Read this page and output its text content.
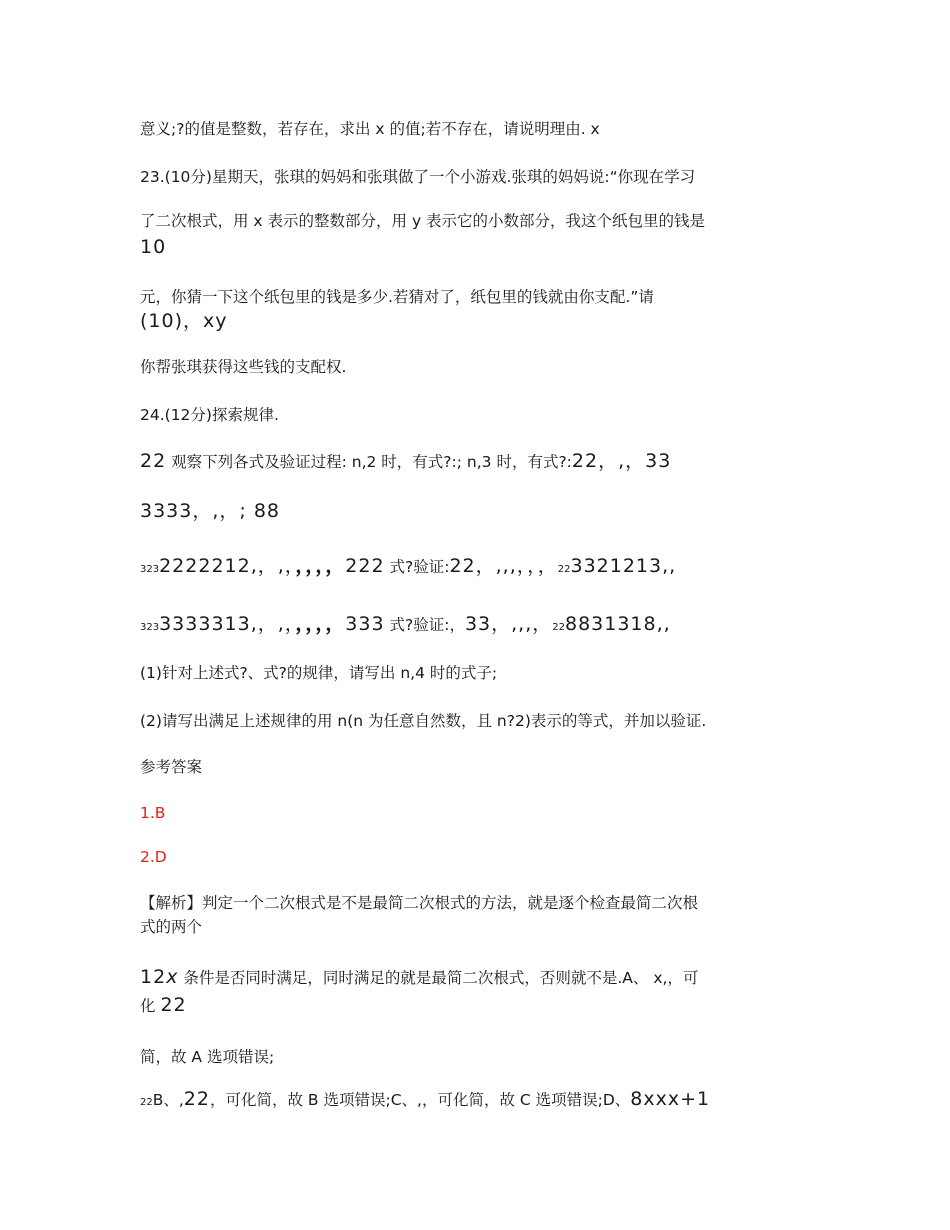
意义;?的值是整数，若存在，求出 x 的值;若不存在，请说明理由. x
23.(10分)星期天，张琪的妈妈和张琪做了一个小游戏.张琪的妈妈说:“你现在学习
了二次根式，用 x 表示的整数部分，用 y 表示它的小数部分，我这个纸包里的钱是
10
元，你猜一下这个纸包里的钱是多少.若猜对了，纸包里的钱就由你支配.”请
(10)，xy
你帮张琪获得这些钱的支配权.
24.(12分)探索规律.
22 观察下列各式及验证过程: n,2 时，有式?:; n,3 时，有式?:22，,，33
3333，,，; 88
3232222212,，,，，，，，222 式?验证:22，,,,，，，223321213,,
3233333313,，,，，，，，333 式?验证:，33，,,,，228831318,,
(1)针对上述式?、式?的规律，请写出 n,4 时的式子;
(2)请写出满足上述规律的用 n(n 为任意自然数，且 n?2)表示的等式，并加以验证.
参考答案
1.B
2.D
【解析】判定一个二次根式是不是最简二次根式的方法，就是逐个检查最简二次根
式的两个
12x 条件是否同时满足，同时满足的就是最简二次根式，否则就不是.A、 x,，可
化 22
简，故 A 选项错误;
22B、,22，可化简，故 B 选项错误;C、,，可化简，故 C 选项错误;D、8xxx+1
